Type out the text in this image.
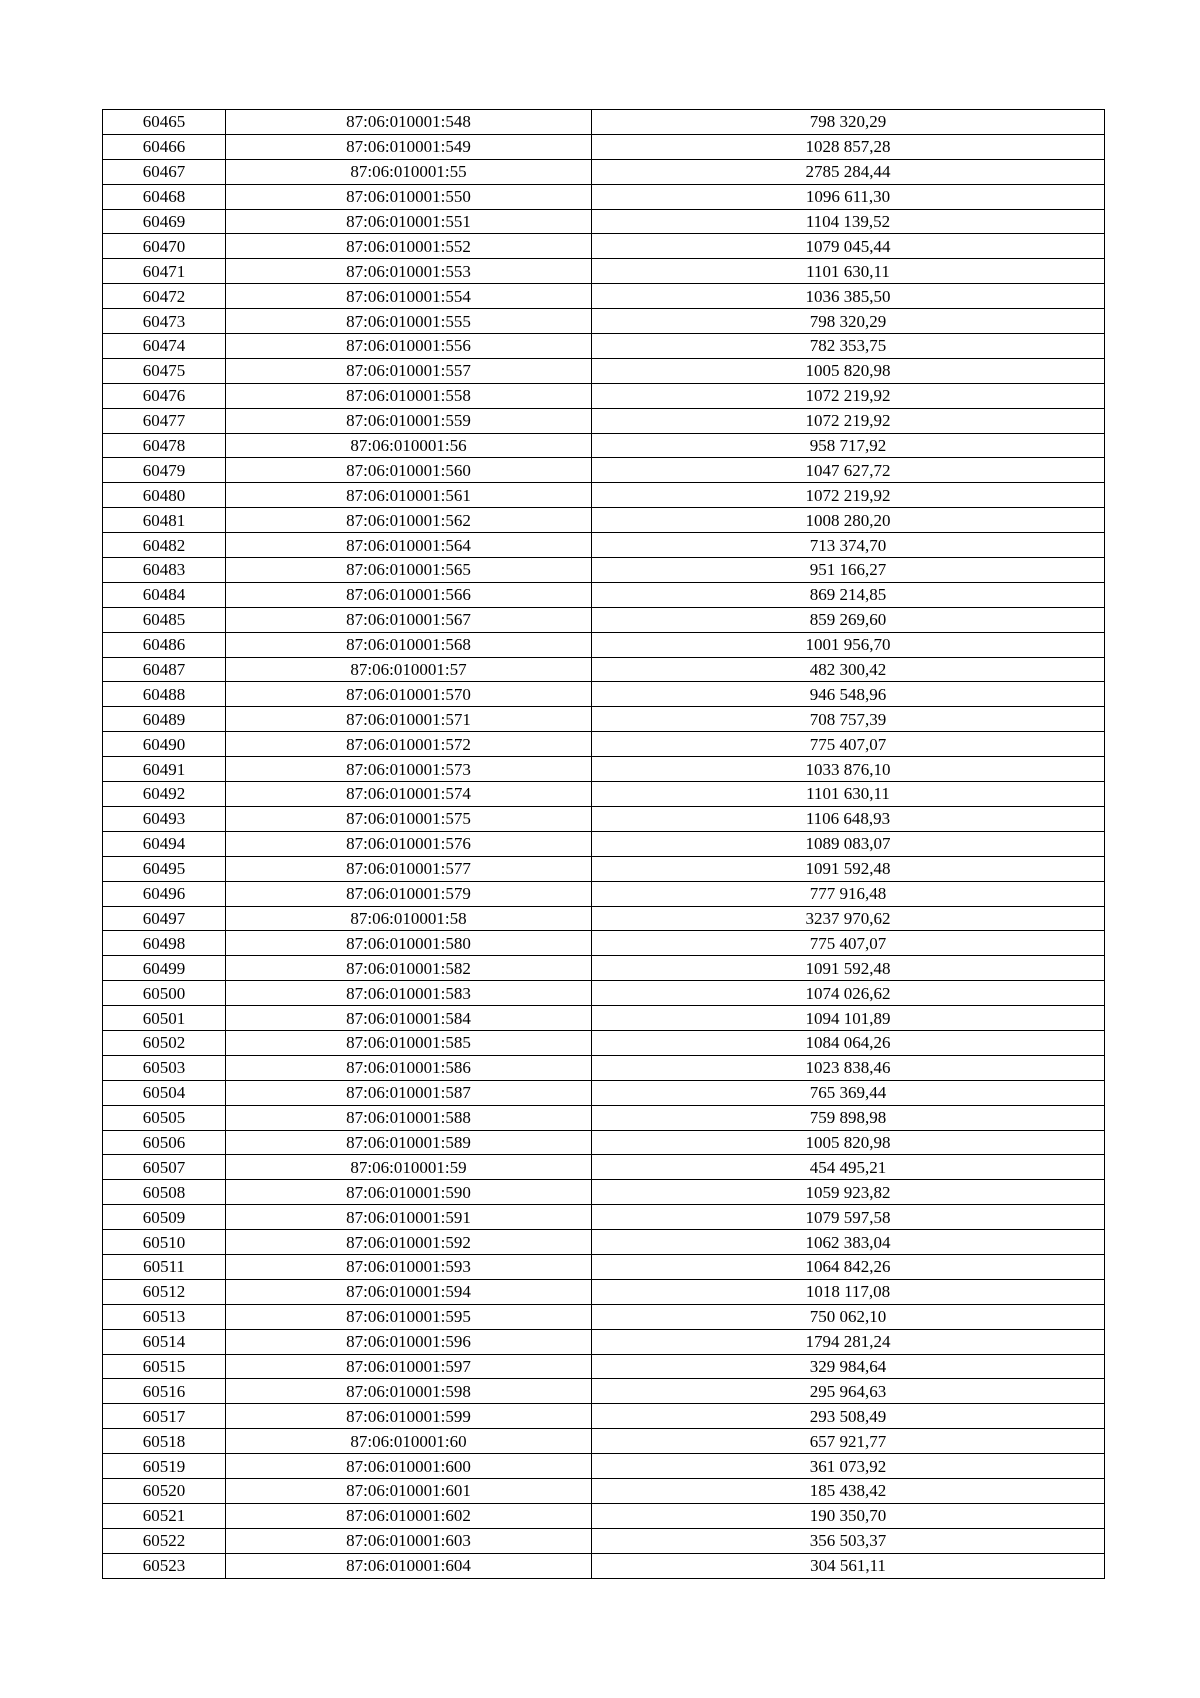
60465	87:06:010001:548	798 320,29
60466	87:06:010001:549	1028 857,28
60467	87:06:010001:55	2785 284,44
60468	87:06:010001:550	1096 611,30
60469	87:06:010001:551	1104 139,52
60470	87:06:010001:552	1079 045,44
60471	87:06:010001:553	1101 630,11
60472	87:06:010001:554	1036 385,50
60473	87:06:010001:555	798 320,29
60474	87:06:010001:556	782 353,75
60475	87:06:010001:557	1005 820,98
60476	87:06:010001:558	1072 219,92
60477	87:06:010001:559	1072 219,92
60478	87:06:010001:56	958 717,92
60479	87:06:010001:560	1047 627,72
60480	87:06:010001:561	1072 219,92
60481	87:06:010001:562	1008 280,20
60482	87:06:010001:564	713 374,70
60483	87:06:010001:565	951 166,27
60484	87:06:010001:566	869 214,85
60485	87:06:010001:567	859 269,60
60486	87:06:010001:568	1001 956,70
60487	87:06:010001:57	482 300,42
60488	87:06:010001:570	946 548,96
60489	87:06:010001:571	708 757,39
60490	87:06:010001:572	775 407,07
60491	87:06:010001:573	1033 876,10
60492	87:06:010001:574	1101 630,11
60493	87:06:010001:575	1106 648,93
60494	87:06:010001:576	1089 083,07
60495	87:06:010001:577	1091 592,48
60496	87:06:010001:579	777 916,48
60497	87:06:010001:58	3237 970,62
60498	87:06:010001:580	775 407,07
60499	87:06:010001:582	1091 592,48
60500	87:06:010001:583	1074 026,62
60501	87:06:010001:584	1094 101,89
60502	87:06:010001:585	1084 064,26
60503	87:06:010001:586	1023 838,46
60504	87:06:010001:587	765 369,44
60505	87:06:010001:588	759 898,98
60506	87:06:010001:589	1005 820,98
60507	87:06:010001:59	454 495,21
60508	87:06:010001:590	1059 923,82
60509	87:06:010001:591	1079 597,58
60510	87:06:010001:592	1062 383,04
60511	87:06:010001:593	1064 842,26
60512	87:06:010001:594	1018 117,08
60513	87:06:010001:595	750 062,10
60514	87:06:010001:596	1794 281,24
60515	87:06:010001:597	329 984,64
60516	87:06:010001:598	295 964,63
60517	87:06:010001:599	293 508,49
60518	87:06:010001:60	657 921,77
60519	87:06:010001:600	361 073,92
60520	87:06:010001:601	185 438,42
60521	87:06:010001:602	190 350,70
60522	87:06:010001:603	356 503,37
60523	87:06:010001:604	304 561,11
